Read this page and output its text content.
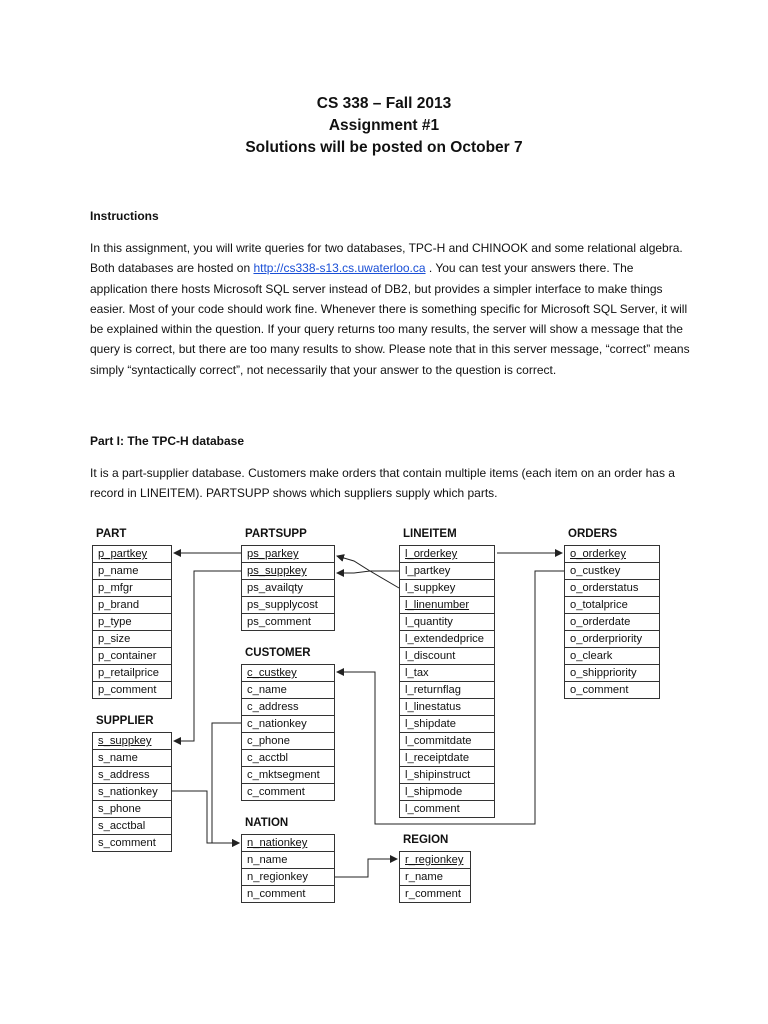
CS 338 – Fall 2013
Assignment #1
Solutions will be posted on October 7
Instructions
In this assignment, you will write queries for two databases, TPC-H and CHINOOK and some relational algebra. Both databases are hosted on http://cs338-s13.cs.uwaterloo.ca . You can test your answers there. The application there hosts Microsoft SQL server instead of DB2, but provides a simpler interface to make things easier. Most of your code should work fine. Whenever there is something specific for Microsoft SQL Server, it will be explained within the question. If your query returns too many results, the server will show a message that the query is correct, but there are too many results to show. Please note that in this server message, “correct” means simply “syntactically correct”, not necessarily that your answer to the question is correct.
Part I: The TPC-H database
It is a part-supplier database. Customers make orders that contain multiple items (each item on an order has a record in LINEITEM). PARTSUPP shows which suppliers supply which parts.
PART
p_partkey
p_name
p_mfgr
p_brand
p_type
p_size
p_container
p_retailprice
p_comment
PARTSUPP
ps_parkey
ps_suppkey
ps_availqty
ps_supplycost
ps_comment
LINEITEM
l_orderkey
l_partkey
l_suppkey
l_linenumber
l_quantity
l_extendedprice
l_discount
l_tax
l_returnflag
l_linestatus
l_shipdate
l_commitdate
l_receiptdate
l_shipinstruct
l_shipmode
l_comment
ORDERS
o_orderkey
o_custkey
o_orderstatus
o_totalprice
o_orderdate
o_orderpriority
o_cleark
o_shippriority
o_comment
CUSTOMER
c_custkey
c_name
c_address
c_nationkey
c_phone
c_acctbl
c_mktsegment
c_comment
SUPPLIER
s_suppkey
s_name
s_address
s_nationkey
s_phone
s_acctbal
s_comment
NATION
n_nationkey
n_name
n_regionkey
n_comment
REGION
r_regionkey
r_name
r_comment
